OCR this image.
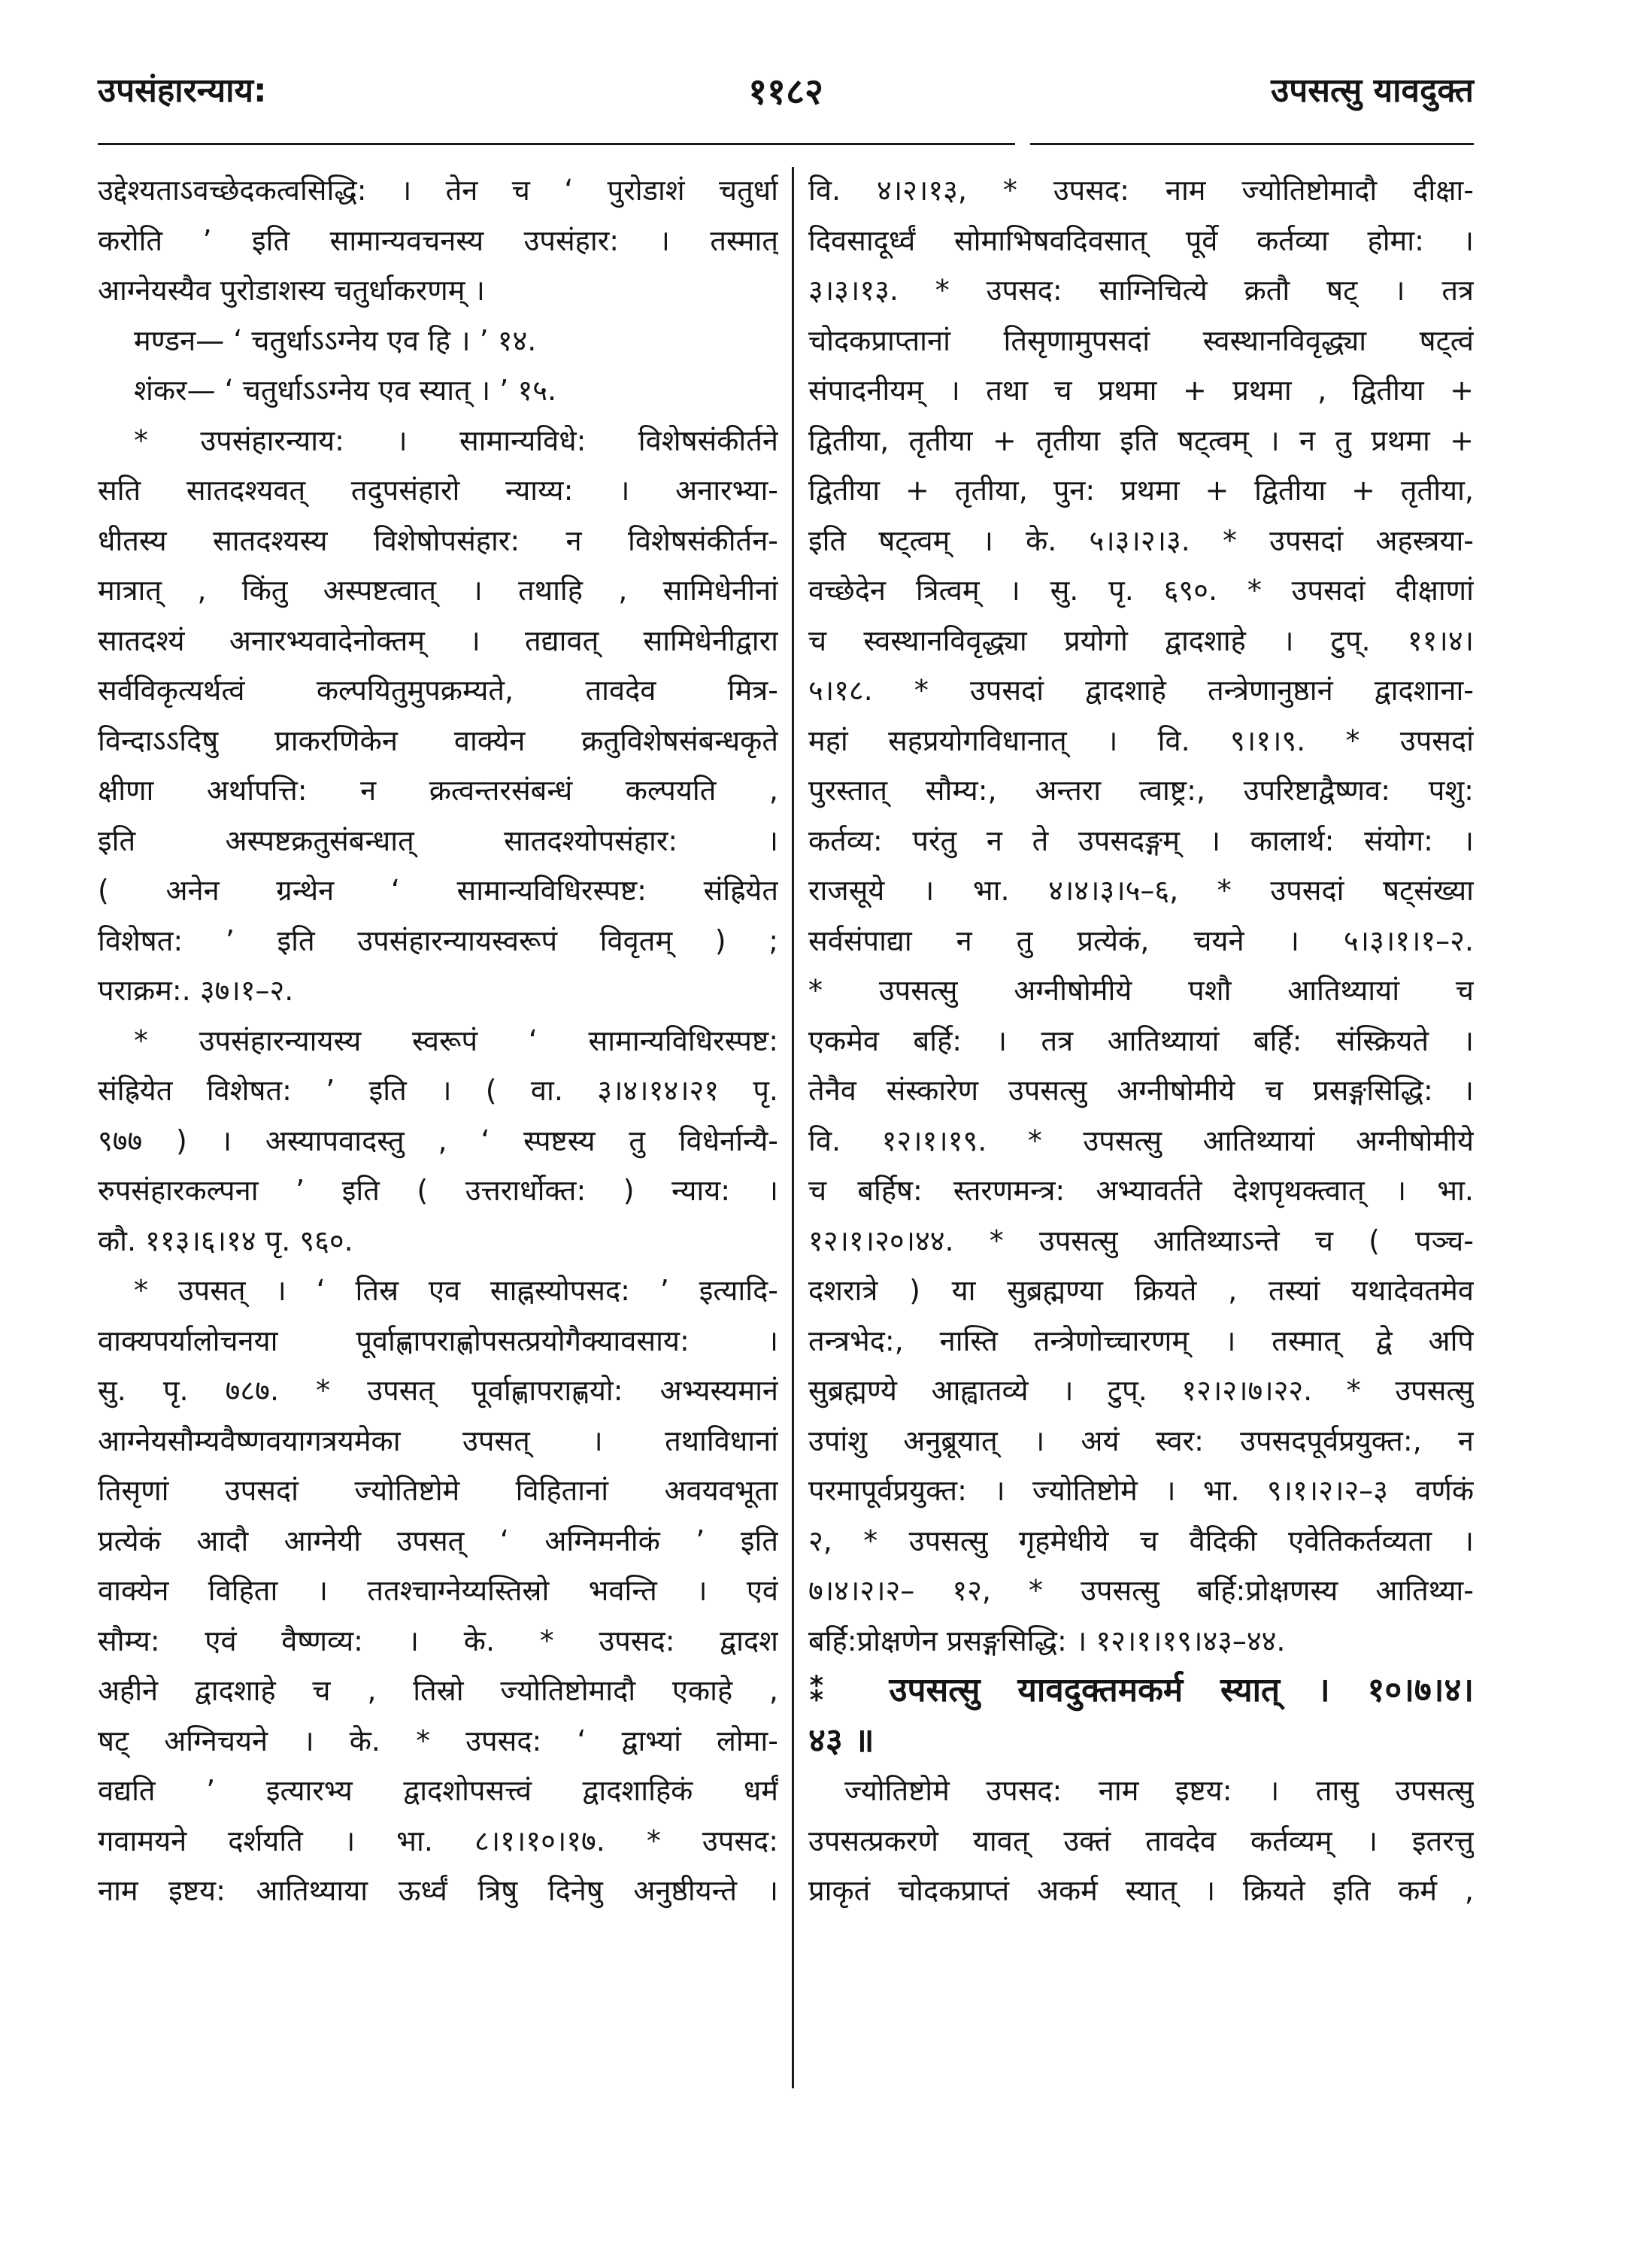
११८२
उपसंहारन्याय:	उपसत्सु यावदुक्त
उद्देश्यताऽवच्छेदकत्वसिद्धि: । तेन च ‘ पुरोडाशं चतुर्धा
करोति ’ इति सामान्यवचनस्य उपसंहार: । तस्मात्
आग्नेयस्यैव पुरोडाशस्य चतुर्धाकरणम् ।
मण्डन— ‘ चतुर्धाऽऽग्नेय एव हि । ’ १४.
शंकर— ‘ चतुर्धाऽऽग्नेय एव स्यात् । ’ १५.
* उपसंहारन्याय: । सामान्यविधे: विशेषसंकीर्तने
सति सातदश्यवत् तदुपसंहारो न्याय्य: । अनारभ्या-
धीतस्य सातदश्यस्य विशेषोपसंहार: न विशेषसंकीर्तन-
मात्रात् , किंतु अस्पष्टत्वात् । तथाहि , सामिधेनीनां
सातदश्यं अनारभ्यवादेनोक्तम् । तद्यावत् सामिधेनीद्वारा
सर्वविकृत्यर्थत्वं कल्पयितुमुपक्रम्यते, तावदेव मित्र-
विन्दाऽऽदिषु प्राकरणिकेन वाक्येन क्रतुविशेषसंबन्धकृते
क्षीणा अर्थापत्ति: न क्रत्वन्तरसंबन्धं कल्पयति ,
इति अस्पष्टक्रतुसंबन्धात् सातदश्योपसंहार: ।
( अनेन ग्रन्थेन ‘ सामान्यविधिरस्पष्ट: संह्रियेत
विशेषत: ’ इति उपसंहारन्यायस्वरूपं विवृतम् ) ;
पराक्रम:. ३७।१–२.
* उपसंहारन्यायस्य स्वरूपं ‘ सामान्यविधिरस्पष्ट:
संह्रियेत विशेषत: ’ इति । ( वा. ३।४।१४।२१ पृ.
९७७ ) । अस्यापवादस्तु , ‘ स्पष्टस्य तु विधेर्नान्यै-
रुपसंहारकल्पना ’ इति ( उत्तरार्धोक्त: ) न्याय: ।
कौ. ११३।६।१४ पृ. ९६०.
* उपसत् । ‘ तिस्र एव साह्नस्योपसद: ’ इत्यादि-
वाक्यपर्यालोचनया पूर्वाह्णापराह्णोपसत्प्रयोगैक्यावसाय: ।
सु. पृ. ७८७. * उपसत् पूर्वाह्णापराह्णयो: अभ्यस्यमानं
आग्नेयसौम्यवैष्णवयागत्रयमेका उपसत् । तथाविधानां
तिसृणां उपसदां ज्योतिष्टोमे विहितानां अवयवभूता
प्रत्येकं आदौ आग्नेयी उपसत् ‘ अग्निमनीकं ’ इति
वाक्येन विहिता । ततश्चाग्नेय्यस्तिस्रो भवन्ति । एवं
सौम्य: एवं वैष्णव्य: । के. * उपसद: द्वादश
अहीने द्वादशाहे च , तिस्रो ज्योतिष्टोमादौ एकाहे ,
षट् अग्निचयने । के. * उपसद: ‘ द्वाभ्यां लोमा-
वद्यति ’ इत्यारभ्य द्वादशोपसत्त्वं द्वादशाहिकं धर्मं
गवामयने दर्शयति । भा. ८।१।१०।१७. * उपसद:
नाम इष्टय: आतिथ्याया ऊर्ध्वं त्रिषु दिनेषु अनुष्ठीयन्ते ।
वि. ४।२।१३, * उपसद: नाम ज्योतिष्टोमादौ दीक्षा-
दिवसादूर्ध्वं सोमाभिषवदिवसात् पूर्वे कर्तव्या होमा: ।
३।३।१३. * उपसद: साग्निचित्ये क्रतौ षट् । तत्र
चोदकप्राप्तानां तिसृणामुपसदां स्वस्थानविवृद्ध्या षट्त्वं
संपादनीयम् । तथा च प्रथमा + प्रथमा , द्वितीया +
द्वितीया, तृतीया + तृतीया इति षट्त्वम् । न तु प्रथमा +
द्वितीया + तृतीया, पुन: प्रथमा + द्वितीया + तृतीया,
इति षट्त्वम् । के. ५।३।२।३. * उपसदां अहस्त्रया-
वच्छेदेन त्रित्वम् । सु. पृ. ६९०. * उपसदां दीक्षाणां
च स्वस्थानविवृद्ध्या प्रयोगो द्वादशाहे । टुप्. ११।४।
५।१८. * उपसदां द्वादशाहे तन्त्रेणानुष्ठानं द्वादशाना-
महां सहप्रयोगविधानात् । वि. ९।१।९. * उपसदां
पुरस्तात् सौम्य:, अन्तरा त्वाष्ट्र:, उपरिष्टाद्वैष्णव: पशु:
कर्तव्य: परंतु न ते उपसदङ्गम् । कालार्थ: संयोग: ।
राजसूये । भा. ४।४।३।५–६, * उपसदां षट्संख्या
सर्वसंपाद्या न तु प्रत्येकं, चयने । ५।३।१।१–२.
* उपसत्सु अग्नीषोमीये पशौ आतिथ्यायां च
एकमेव बर्हि: । तत्र आतिथ्यायां बर्हि: संस्क्रियते ।
तेनैव संस्कारेण उपसत्सु अग्नीषोमीये च प्रसङ्गसिद्धि: ।
वि. १२।१।१९. * उपसत्सु आतिथ्यायां अग्नीषोमीये
च बर्हिष: स्तरणमन्त्र: अभ्यावर्तते देशपृथक्त्वात् । भा.
१२।१।२०।४४. * उपसत्सु आतिथ्याऽन्ते च ( पञ्च-
दशरात्रे ) या सुब्रह्मण्या क्रियते , तस्यां यथादेवतमेव
तन्त्रभेद:, नास्ति तन्त्रेणोच्चारणम् । तस्मात् द्वे अपि
सुब्रह्मण्ये आह्वातव्ये । टुप्. १२।२।७।२२. * उपसत्सु
उपांशु अनुब्रूयात् । अयं स्वर: उपसदपूर्वप्रयुक्त:, न
परमापूर्वप्रयुक्त: । ज्योतिष्टोमे । भा. ९।१।२।२–३ वर्णकं
२, * उपसत्सु गृहमेधीये च वैदिकी एवेतिकर्तव्यता ।
७।४।२।२– १२, * उपसत्सु बर्हि:प्रोक्षणस्य आतिथ्या-
बर्हि:प्रोक्षणेन प्रसङ्गसिद्धि: । १२।१।१९।४३–४४.
⁑ उपसत्सु यावदुक्तमकर्म स्यात् । १०।७।४।
४३ ॥
ज्योतिष्टोमे उपसद: नाम इष्टय: । तासु उपसत्सु
उपसत्प्रकरणे यावत् उक्तं तावदेव कर्तव्यम् । इतरत्तु
प्राकृतं चोदकप्राप्तं अकर्म स्यात् । क्रियते इति कर्म ,
